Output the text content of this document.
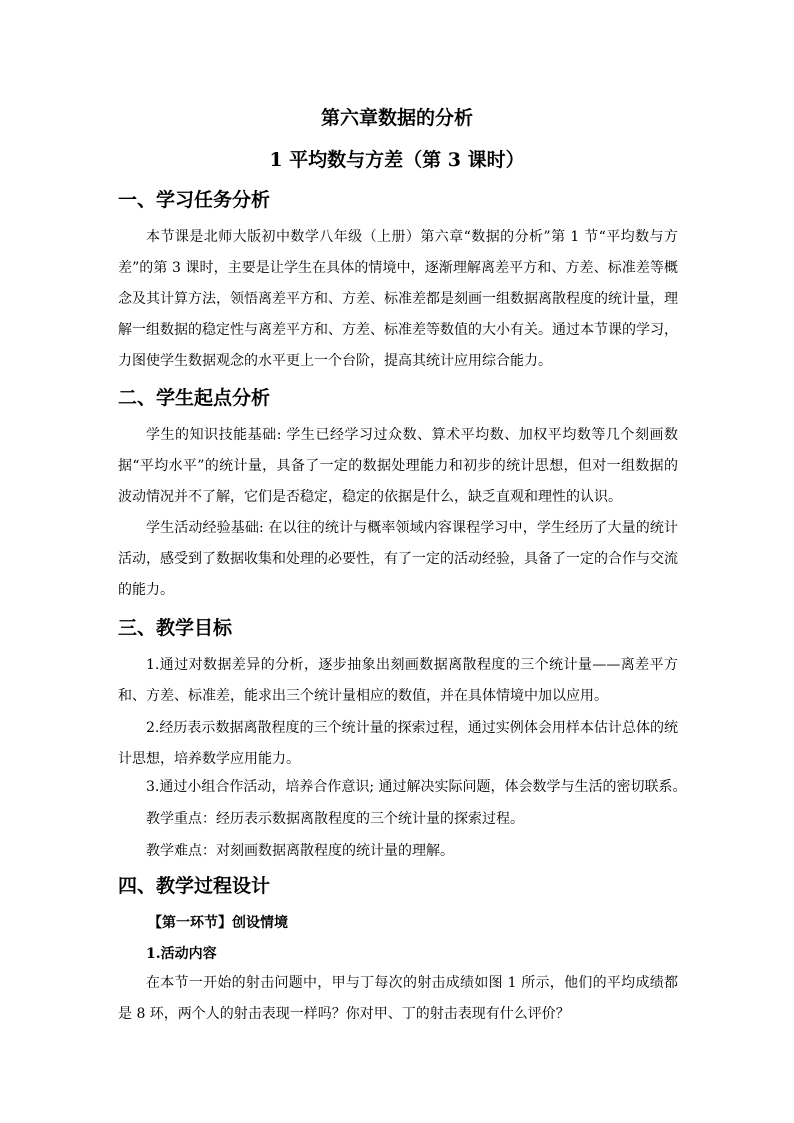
第六章数据的分析
1 平均数与方差（第 3 课时）
一、学习任务分析

本节课是北师大版初中数学八年级（上册）第六章“数据的分析”第 1 节“平均数与方差”的第 3 课时，主要是让学生在具体的情境中，逐渐理解离差平方和、方差、标准差等概念及其计算方法，领悟离差平方和、方差、标准差都是刻画一组数据离散程度的统计量，理解一组数据的稳定性与离差平方和、方差、标准差等数值的大小有关。通过本节课的学习，力图使学生数据观念的水平更上一个台阶，提高其统计应用综合能力。

二、学生起点分析

学生的知识技能基础: 学生已经学习过众数、算术平均数、加权平均数等几个刻画数据“平均水平”的统计量，具备了一定的数据处理能力和初步的统计思想，但对一组数据的波动情况并不了解，它们是否稳定，稳定的依据是什么，缺乏直观和理性的认识。

学生活动经验基础: 在以往的统计与概率领域内容课程学习中，学生经历了大量的统计活动，感受到了数据收集和处理的必要性，有了一定的活动经验，具备了一定的合作与交流的能力。

三、教学目标

1.通过对数据差异的分析，逐步抽象出刻画数据离散程度的三个统计量——离差平方和、方差、标准差，能求出三个统计量相应的数值，并在具体情境中加以应用。

2.经历表示数据离散程度的三个统计量的探索过程，通过实例体会用样本估计总体的统计思想，培养数学应用能力。

3.通过小组合作活动，培养合作意识; 通过解决实际问题，体会数学与生活的密切联系。
教学重点：经历表示数据离散程度的三个统计量的探索过程。
教学难点：对刻画数据离散程度的统计量的理解。
四、教学过程设计
【第一环节】创设情境
1.活动内容

在本节一开始的射击问题中，甲与丁每次的射击成绩如图 1 所示，他们的平均成绩都是 8 环，两个人的射击表现一样吗？你对甲、丁的射击表现有什么评价？
